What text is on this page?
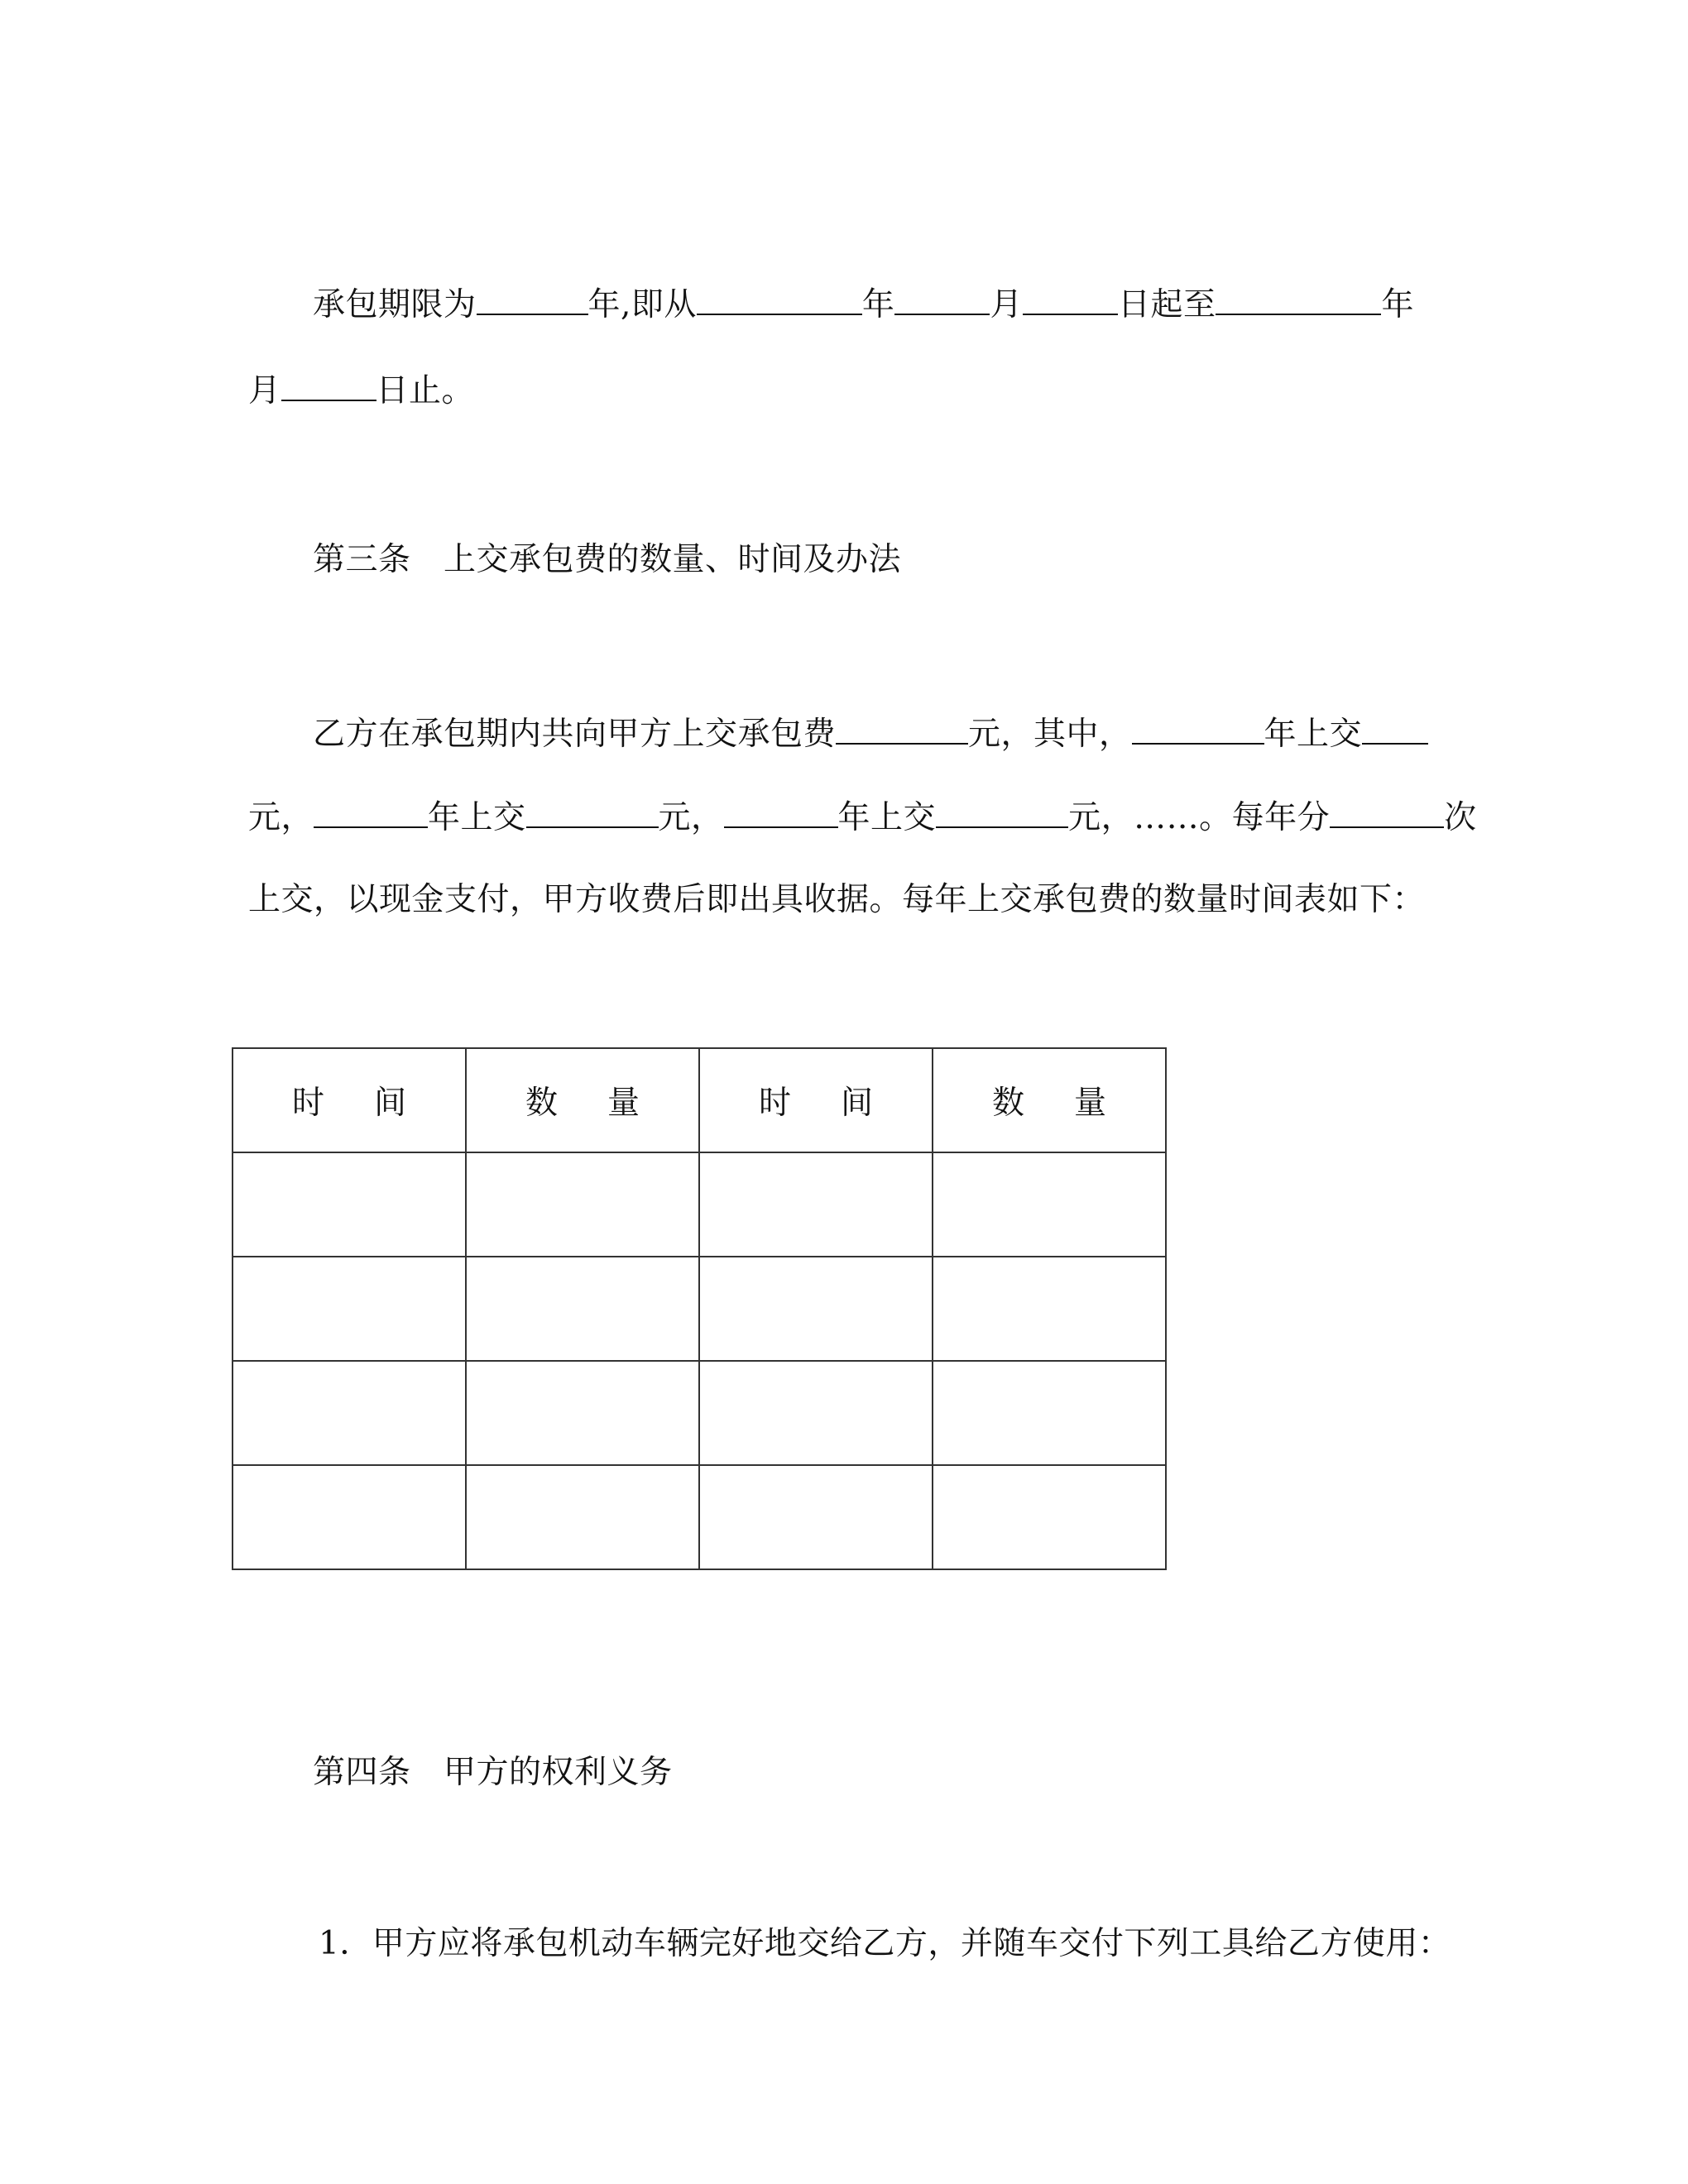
承包期限为	年,即从	年	月	日起至	年
月	日止。
第三条　上交承包费的数量、时间及办法
乙方在承包期内共向甲方上交承包费	元，其中，	年上交
元，	年上交	元，	年上交	元，……。每年分	次
上交，以现金支付，甲方收费后即出具收据。每年上交承包费的数量时间表如下：
时间	数量	时间	数量

第四条　甲方的权利义务
1．甲方应将承包机动车辆完好地交给乙方，并随车交付下列工具给乙方使用：
